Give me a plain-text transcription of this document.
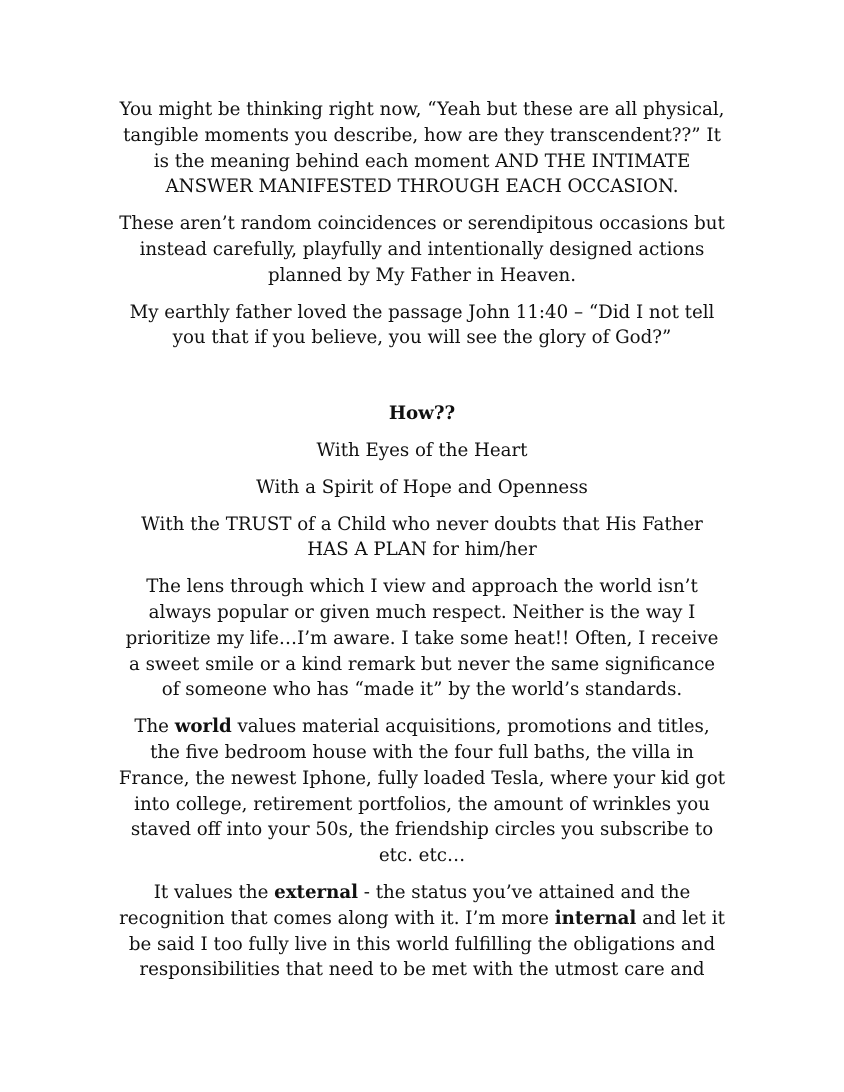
You might be thinking right now, “Yeah but these are all physical,
tangible moments you describe, how are they transcendent??” It
is the meaning behind each moment AND THE INTIMATE
ANSWER MANIFESTED THROUGH EACH OCCASION.

These aren’t random coincidences or serendipitous occasions but
instead carefully, playfully and intentionally designed actions
planned by My Father in Heaven.

My earthly father loved the passage John 11:40 – “Did I not tell
you that if you believe, you will see the glory of God?”

How??

With Eyes of the Heart

With a Spirit of Hope and Openness

With the TRUST of a Child who never doubts that His Father
HAS A PLAN for him/her

The lens through which I view and approach the world isn’t
always popular or given much respect. Neither is the way I
prioritize my life…I’m aware. I take some heat!! Often, I receive
a sweet smile or a kind remark but never the same significance
of someone who has “made it” by the world’s standards.

The world values material acquisitions, promotions and titles,
the five bedroom house with the four full baths, the villa in
France, the newest Iphone, fully loaded Tesla, where your kid got
into college, retirement portfolios, the amount of wrinkles you
staved off into your 50s, the friendship circles you subscribe to
etc. etc…

It values the external - the status you’ve attained and the
recognition that comes along with it. I’m more internal and let it
be said I too fully live in this world fulfilling the obligations and
responsibilities that need to be met with the utmost care and
